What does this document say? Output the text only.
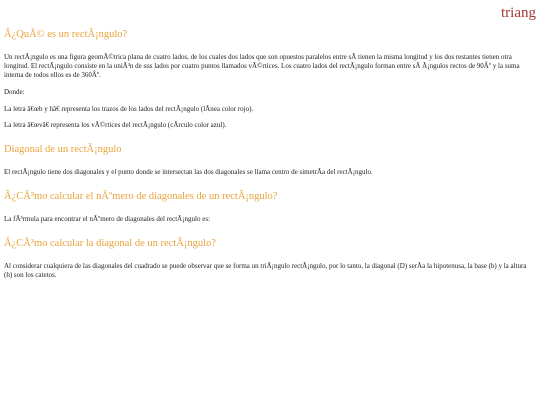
triang
Â¿QuÃ© es un rectÃ¡ngulo?

Un rectÃ¡ngulo es una figura geomÃ©trica plana de cuatro lados, de los cuales dos lados que son opuestos paralelos entre sÃ tienen la misma longitud y los dos restantes tienen otra longitud. El rectÃ¡ngulo consiste en la uniÃ³n de sus lados por cuatro puntos llamados vÃ©rtices. Los cuatro lados del rectÃ¡ngulo forman entre sÃ Ã¡ngulos rectos de 90Âº y la suma interna de todos ellos es de 360Âº.

Donde:

La letra â€œb y hâ€ representa los trazos de los lados del rectÃ¡ngulo (lÃnea color rojo).

La letra â€œvâ€ representa los vÃ©rtices del rectÃ¡ngulo (cÃrculo color azul).

Diagonal de un rectÃ¡ngulo

El rectÃ¡ngulo tiene dos diagonales y el punto donde se intersectan las dos diagonales se llama centro de simetrÃa del rectÃ¡ngulo.

Â¿CÃ³mo calcular el nÃºmero de diagonales de un rectÃ¡ngulo?

La fÃ³rmula para encontrar el nÃºmero de diagonales del rectÃ¡ngulo es:

Â¿CÃ³mo calcular la diagonal de un rectÃ¡ngulo?

Al considerar cualquiera de las diagonales del cuadrado se puede observar que se forma un triÃ¡ngulo rectÃ¡ngulo, por lo tanto, la diagonal (D) serÃa la hipotenusa, la base (b) y la altura (h) son los catetos.
